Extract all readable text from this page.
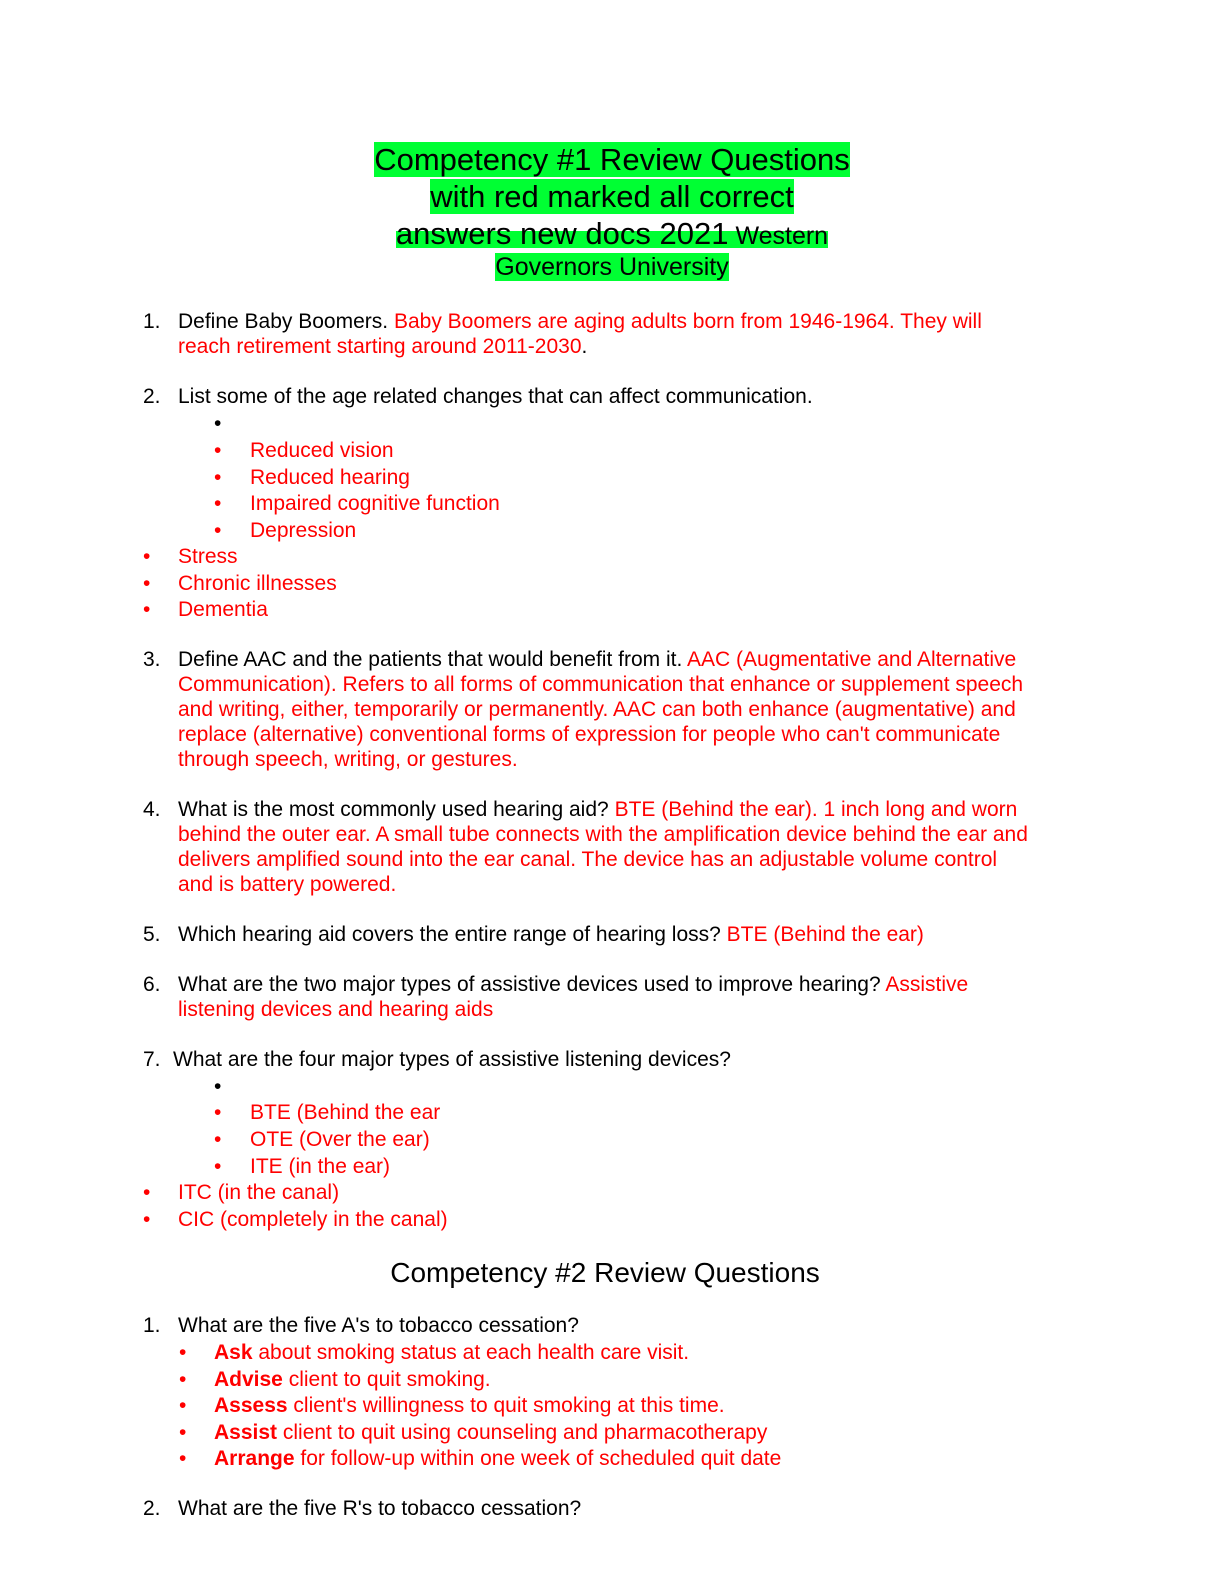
Competency #1 Review Questions
with red marked all correct
answers new docs 2021 Western
Governors University
1. Define Baby Boomers. Baby Boomers are aging adults born from 1946-1964. They will
reach retirement starting around 2011-2030.
2. List some of the age related changes that can affect communication.
•
• Reduced vision
• Reduced hearing
• Impaired cognitive function
• Depression
• Stress
• Chronic illnesses
• Dementia
3. Define AAC and the patients that would benefit from it. AAC (Augmentative and Alternative
Communication). Refers to all forms of communication that enhance or supplement speech
and writing, either, temporarily or permanently. AAC can both enhance (augmentative) and
replace (alternative) conventional forms of expression for people who can't communicate
through speech, writing, or gestures.
4. What is the most commonly used hearing aid? BTE (Behind the ear). 1 inch long and worn
behind the outer ear. A small tube connects with the amplification device behind the ear and
delivers amplified sound into the ear canal. The device has an adjustable volume control
and is battery powered.
5. Which hearing aid covers the entire range of hearing loss? BTE (Behind the ear)
6. What are the two major types of assistive devices used to improve hearing? Assistive
listening devices and hearing aids
7. What are the four major types of assistive listening devices?
•
• BTE (Behind the ear
• OTE (Over the ear)
• ITE (in the ear)
• ITC (in the canal)
• CIC (completely in the canal)
Competency #2 Review Questions
1. What are the five A's to tobacco cessation?
• Ask about smoking status at each health care visit.
• Advise client to quit smoking.
• Assess client's willingness to quit smoking at this time.
• Assist client to quit using counseling and pharmacotherapy
• Arrange for follow-up within one week of scheduled quit date
2. What are the five R's to tobacco cessation?
